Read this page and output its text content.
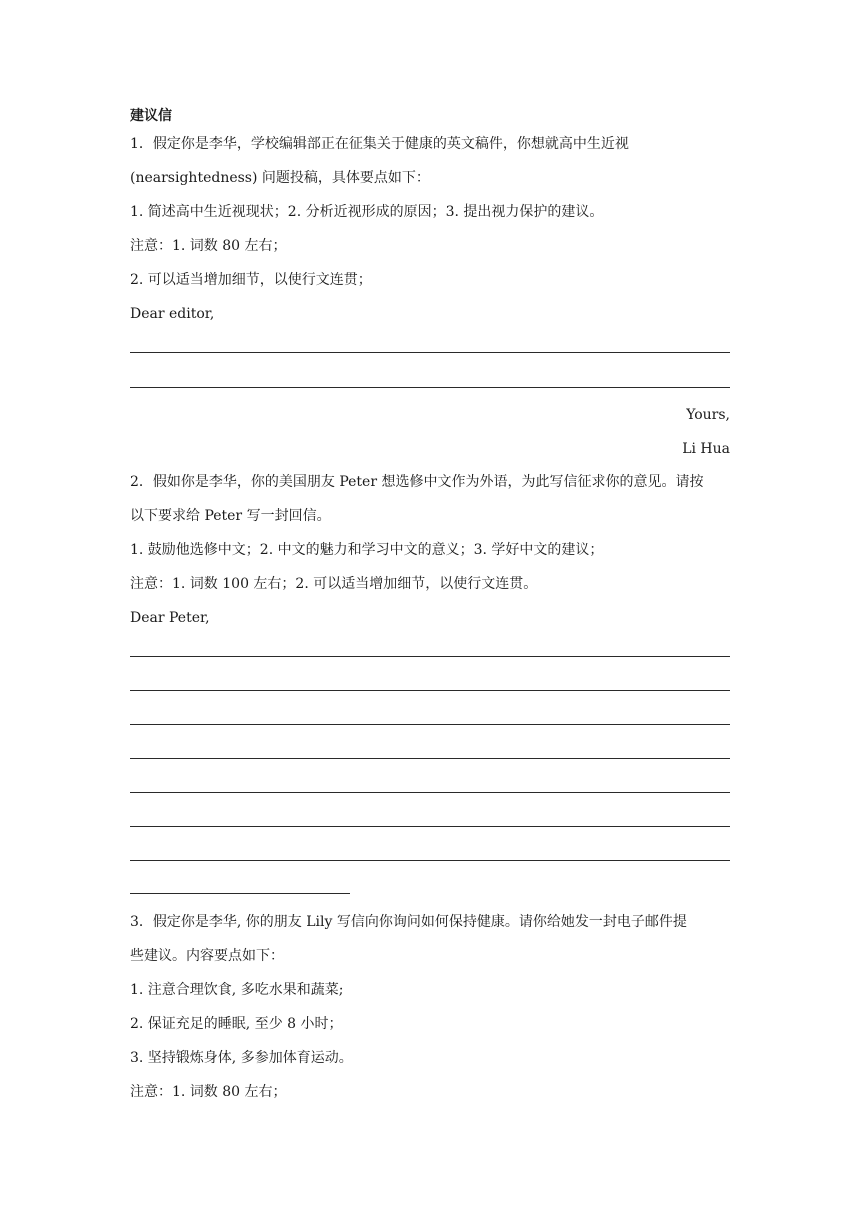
建议信
1．假定你是李华，学校编辑部正在征集关于健康的英文稿件，你想就高中生近视
(nearsightedness) 问题投稿，具体要点如下：
1. 简述高中生近视现状；2. 分析近视形成的原因；3. 提出视力保护的建议。
注意：1. 词数 80 左右；
2. 可以适当增加细节，以使行文连贯；
Dear editor,
Yours,
Li Hua
2．假如你是李华，你的美国朋友 Peter 想选修中文作为外语，为此写信征求你的意见。请按
以下要求给 Peter 写一封回信。
1. 鼓励他选修中文；2. 中文的魅力和学习中文的意义；3. 学好中文的建议；
注意：1. 词数 100 左右；2. 可以适当增加细节，以使行文连贯。
Dear Peter,
3．假定你是李华, 你的朋友 Lily 写信向你询问如何保持健康。请你给她发一封电子邮件提
些建议。内容要点如下：
1. 注意合理饮食, 多吃水果和蔬菜;
2. 保证充足的睡眠, 至少 8 小时；
3. 坚持锻炼身体, 多参加体育运动。
注意：1. 词数 80 左右；
